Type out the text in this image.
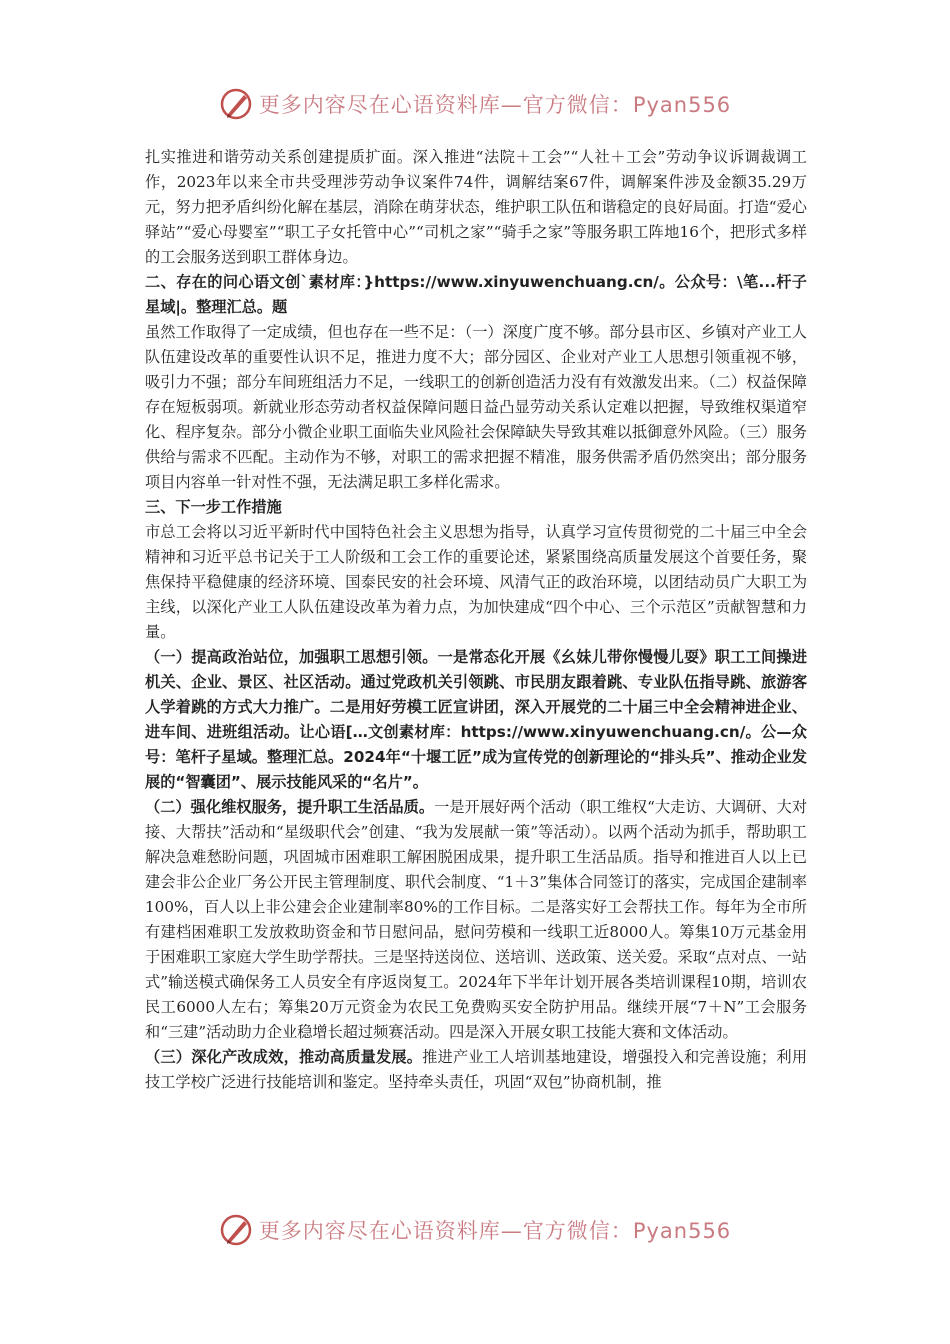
更多内容尽在心语资料库—官方微信：Pyan556

扎实推进和谐劳动关系创建提质扩面。深入推进“法院＋工会”“人社＋工会”劳动争议诉调裁调工作，2023年以来全市共受理涉劳动争议案件74件，调解结案67件，调解案件涉及金额35.29万元，努力把矛盾纠纷化解在基层，消除在萌芽状态，维护职工队伍和谐稳定的良好局面。打造“爱心驿站”“爱心母婴室”“职工子女托管中心”“司机之家”“骑手之家”等服务职工阵地16个，把形式多样的工会服务送到职工群体身边。

二、存在的问心语文创`素材库：}https://www.xinyuwenchuang.cn/。公众号：\笔...杆子星域|。整理汇总。题

虽然工作取得了一定成绩，但也存在一些不足：（一）深度广度不够。部分县市区、乡镇对产业工人队伍建设改革的重要性认识不足，推进力度不大；部分园区、企业对产业工人思想引领重视不够，吸引力不强；部分车间班组活力不足，一线职工的创新创造活力没有有效激发出来。（二）权益保障存在短板弱项。新就业形态劳动者权益保障问题日益凸显劳动关系认定难以把握，导致维权渠道窄化、程序复杂。部分小微企业职工面临失业风险社会保障缺失导致其难以抵御意外风险。（三）服务供给与需求不匹配。主动作为不够，对职工的需求把握不精准，服务供需矛盾仍然突出；部分服务项目内容单一针对性不强，无法满足职工多样化需求。

三、下一步工作措施

市总工会将以习近平新时代中国特色社会主义思想为指导，认真学习宣传贯彻党的二十届三中全会精神和习近平总书记关于工人阶级和工会工作的重要论述，紧紧围绕高质量发展这个首要任务，聚焦保持平稳健康的经济环境、国泰民安的社会环境、风清气正的政治环境，以团结动员广大职工为主线，以深化产业工人队伍建设改革为着力点，为加快建成“四个中心、三个示范区”贡献智慧和力量。

（一）提高政治站位，加强职工思想引领。一是常态化开展《幺妹儿带你慢慢儿耍》职工工间操进机关、企业、景区、社区活动。通过党政机关引领跳、市民朋友跟着跳、专业队伍指导跳、旅游客人学着跳的方式大力推广。二是用好劳模工匠宣讲团，深入开展党的二十届三中全会精神进企业、进车间、进班组活动。让心语[…文创素材库：https://www.xinyuwenchuang.cn/。公—众号：笔杆子星域。整理汇总。2024年“十堰工匠”成为宣传党的创新理论的“排头兵”、推动企业发展的“智囊团”、展示技能风采的“名片”。

（二）强化维权服务，提升职工生活品质。一是开展好两个活动（职工维权“大走访、大调研、大对接、大帮扶”活动和“星级职代会”创建、“我为发展献一策”等活动）。以两个活动为抓手，帮助职工解决急难愁盼问题，巩固城市困难职工解困脱困成果，提升职工生活品质。指导和推进百人以上已建会非公企业厂务公开民主管理制度、职代会制度、“1＋3”集体合同签订的落实，完成国企建制率100%，百人以上非公建会企业建制率80%的工作目标。二是落实好工会帮扶工作。每年为全市所有建档困难职工发放救助资金和节日慰问品，慰问劳模和一线职工近8000人。筹集10万元基金用于困难职工家庭大学生助学帮扶。三是坚持送岗位、送培训、送政策、送关爱。采取“点对点、一站式”输送模式确保务工人员安全有序返岗复工。2024年下半年计划开展各类培训课程10期，培训农民工6000人左右；筹集20万元资金为农民工免费购买安全防护用品。继续开展“7＋N”工会服务和“三建”活动助力企业稳增长超过频赛活动。四是深入开展女职工技能大赛和文体活动。

（三）深化产改成效，推动高质量发展。推进产业工人培训基地建设，增强投入和完善设施；利用技工学校广泛进行技能培训和鉴定。坚持牵头责任，巩固“双包”协商机制，推

更多内容尽在心语资料库—官方微信：Pyan556
